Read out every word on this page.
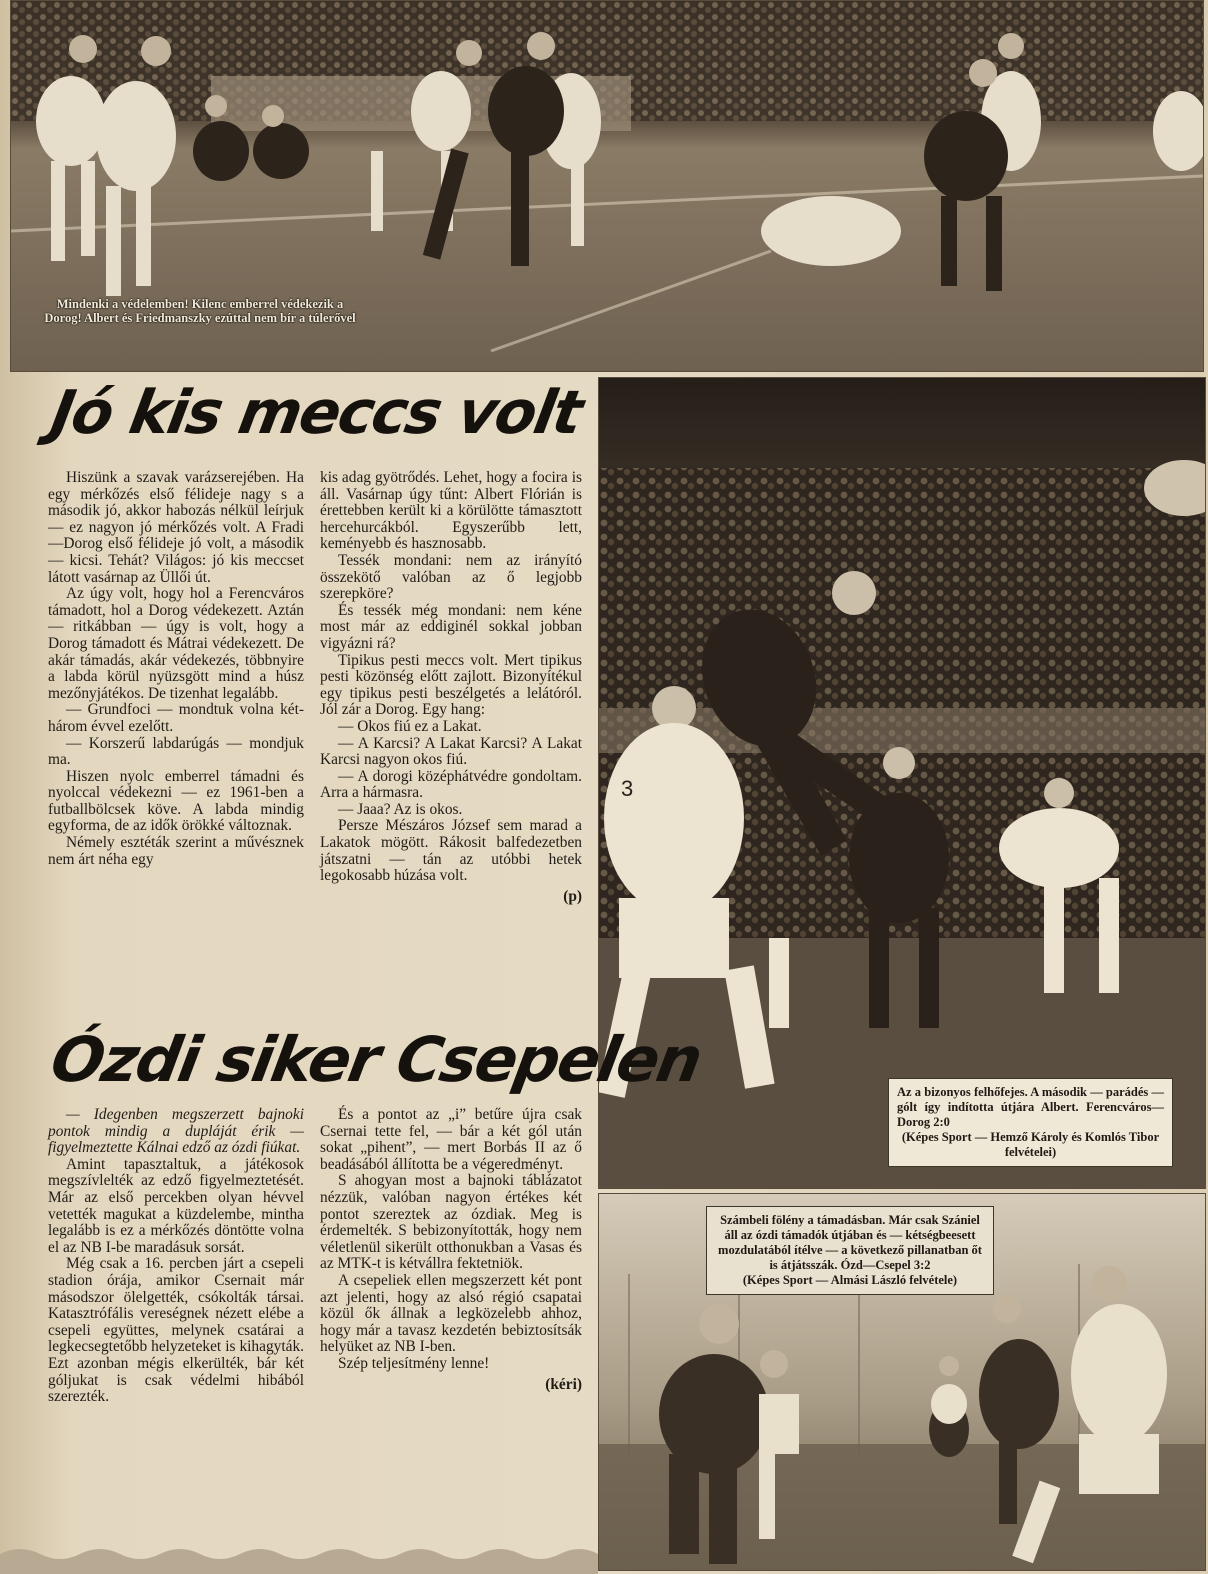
Mindenki a védelemben! Kilenc emberrel védekezik a Dorog! Albert és Friedmanszky ezúttal nem bír a túlerővel
Jó kis meccs volt

Hiszünk a szavak varázserejében. Ha egy mérkőzés első félideje nagy s a második jó, akkor habozás nélkül leírjuk — ez nagyon jó mérkőzés volt. A Fradi—Dorog első félideje jó volt, a második — kicsi. Tehát? Világos: jó kis meccset látott vasárnap az Üllői út.

Az úgy volt, hogy hol a Ferencváros támadott, hol a Dorog védekezett. Aztán — ritkábban — úgy is volt, hogy a Dorog támadott és Mátrai védekezett. De akár támadás, akár védekezés, többnyire a labda körül nyüzsgött mind a húsz mezőnyjátékos. De tizenhat legalább.

— Grundfoci — mondtuk volna két-három évvel ezelőtt.

— Korszerű labdarúgás — mondjuk ma.

Hiszen nyolc emberrel támadni és nyolccal védekezni — ez 1961-ben a futballbölcsek köve. A labda mindig egyforma, de az idők örökké változnak.

Némely esztéták szerint a művésznek nem árt néha egy

kis adag gyötrődés. Lehet, hogy a focira is áll. Vasárnap úgy tűnt: Albert Flórián is érettebben került ki a körülötte támasztott hercehurcákból. Egyszerűbb lett, keményebb és hasznosabb.

Tessék mondani: nem az irányító összekötő valóban az ő legjobb szerepköre?

És tessék még mondani: nem kéne most már az eddiginél sokkal jobban vigyázni rá?

Tipikus pesti meccs volt. Mert tipikus pesti közönség előtt zajlott. Bizonyítékul egy tipikus pesti beszélgetés a lelátóról. Jól zár a Dorog. Egy hang:

— Okos fiú ez a Lakat.

— A Karcsi? A Lakat Karcsi? A Lakat Karcsi nagyon okos fiú.

— A dorogi középhátvédre gondoltam. Arra a hármasra.

— Jaaa? Az is okos.

Persze Mészáros József sem marad a Lakatok mögött. Rákosit balfedezetben játszatni — tán az utóbbi hetek legokosabb húzása volt.

(p)

3
Az a bizonyos felhőfejes. A második — parádés — gólt így indította útjára Albert. Ferencváros—Dorog 2:0
(Képes Sport — Hemző Károly és Komlós Tibor felvételei)
Ózdi siker Csepelen

— Idegenben megszerzett bajnoki pontok mindig a dupláját érik — figyelmeztette Kálnai edző az ózdi fiúkat.

Amint tapasztaltuk, a játékosok megszívlelték az edző figyelmeztetését. Már az első percekben olyan hévvel vetették magukat a küzdelembe, mintha legalább is ez a mérkőzés döntötte volna el az NB I-be maradásuk sorsát.

Még csak a 16. percben járt a csepeli stadion órája, amikor Csernait már másodszor ölelgették, csókolták társai. Katasztrófális vereségnek nézett elébe a csepeli együttes, melynek csatárai a legkecsegtetőbb helyzeteket is kihagyták. Ezt azonban mégis elkerülték, bár két góljukat is csak védelmi hibából szerezték.

És a pontot az „i” betűre újra csak Csernai tette fel, — bár a két gól után sokat „pihent”, — mert Borbás II az ő beadásából állította be a végeredményt.

S ahogyan most a bajnoki táblázatot nézzük, valóban nagyon értékes két pontot szereztek az ózdiak. Meg is érdemelték. S bebizonyították, hogy nem véletlenül sikerült otthonukban a Vasas és az MTK-t is kétvállra fektetniök.

A csepeliek ellen megszerzett két pont azt jelenti, hogy az alsó régió csapatai közül ők állnak a legközelebb ahhoz, hogy már a tavasz kezdetén bebiztosítsák helyüket az NB I-ben.

Szép teljesítmény lenne!

(kéri)

Számbeli fölény a támadásban. Már csak Szániel áll az ózdi támadók útjában és — kétségbeesett mozdulatából ítélve — a következő pillanatban őt is átjátsszák. Ózd—Csepel 3:2
(Képes Sport — Almási László felvétele)
